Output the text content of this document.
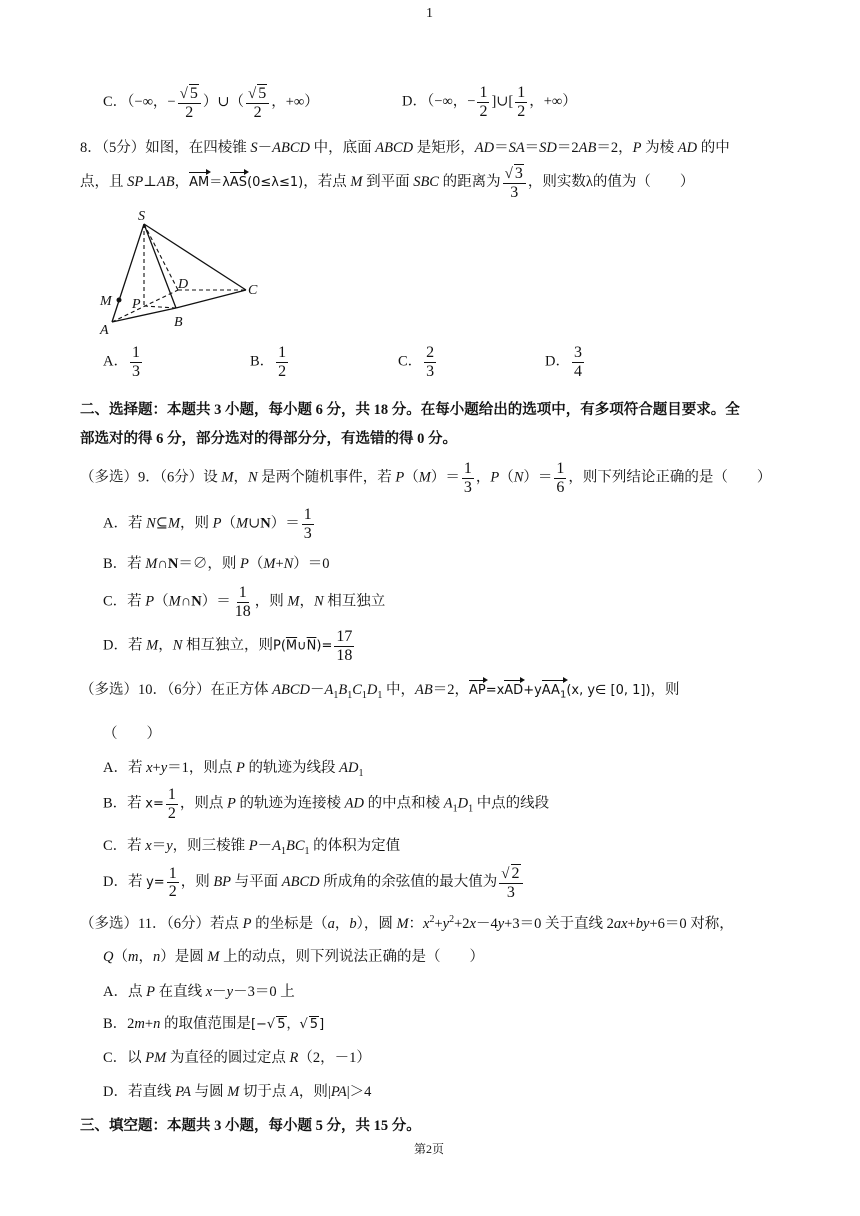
1
C．（−∞，− $\frac{√ 5}{2}$ ）∪（ $\frac{√ 5}{2}$ ，+∞）	D．（−∞，− $\frac{1}{2}$ ]∪[ $\frac{1}{2}$ ，+∞）
8．（5分）如图，在四棱锥 S－ABCD 中，底面 ABCD 是矩形，AD＝SA＝SD＝2AB＝2，P 为棱 AD 的中
点，且 SP⊥AB，AM＝λAS(0≤λ≤1)，若点 M 到平面 SBC 的距离为 $\frac{√ 3}{3}$ ，则实数λ的值为（　　）
S
M P
D	C
A
B
A． $\frac{1}{3}$	B． $\frac{1}{2}$	C． $\frac{2}{3}$	D． $\frac{3}{4}$
二、选择题：本题共 3 小题，每小题 6 分，共 18 分。在每小题给出的选项中，有多项符合题目要求。全
部选对的得 6 分，部分选对的得部分分，有选错的得 0 分。
（多选）9．（6分）设 M，N 是两个随机事件，若 $P(M)= \frac{1}{3}$ ，$P(N)= \frac{1}{6}$ ，则下列结论正确的是（　　）
A．若 N⊆M，则 P（M∪N）＝ $\frac{1}{3}$
B．若 M∩N＝∅，则 P（M+N）＝0
C．若 P（M∩N）＝ $\frac{1}{18}$ ，则 M，N 相互独立
D．若 M，N 相互独立，则$P(\overline{M}\cup\overline{N})= \frac{17}{18}$
（多选）10．（6分）在正方体 $ABCD-A_1B_1C_1D_1$ 中，AB＝2，AP=xAD+yAA$_1$(x, y∈ [0, 1])，则
（　　）
A．若 x+y＝1，则点 P 的轨迹为线段 $AD_1$
B．若 $x= \frac{1}{2}$ ，则点 P 的轨迹为连接棱 AD 的中点和棱 $A_1D_1$ 中点的线段
C．若 x＝y，则三棱锥 $P-A_1BC_1$ 的体积为定值
D．若 $y= \frac{1}{2}$ ，则 BP 与平面 ABCD 所成角的余弦值的最大值为 $\frac{√ 2}{3}$
（多选）11．（6分）若点 P 的坐标是（a，b），圆 M：$x^2+y^2+2x-4y+3=0$ 关于直线 2ax+by+6＝0 对称，
Q（m，n）是圆 M 上的动点，则下列说法正确的是（　　）
A．点 P 在直线 x－y－3＝0 上
B．2m+n 的取值范围是[−√ 5，√ 5]
C．以 PM 为直径的圆过定点 R（2，－1）
D．若直线 PA 与圆 M 切于点 A，则|PA|＞4
三、填空题：本题共 3 小题，每小题 5 分，共 15 分。
第2页
